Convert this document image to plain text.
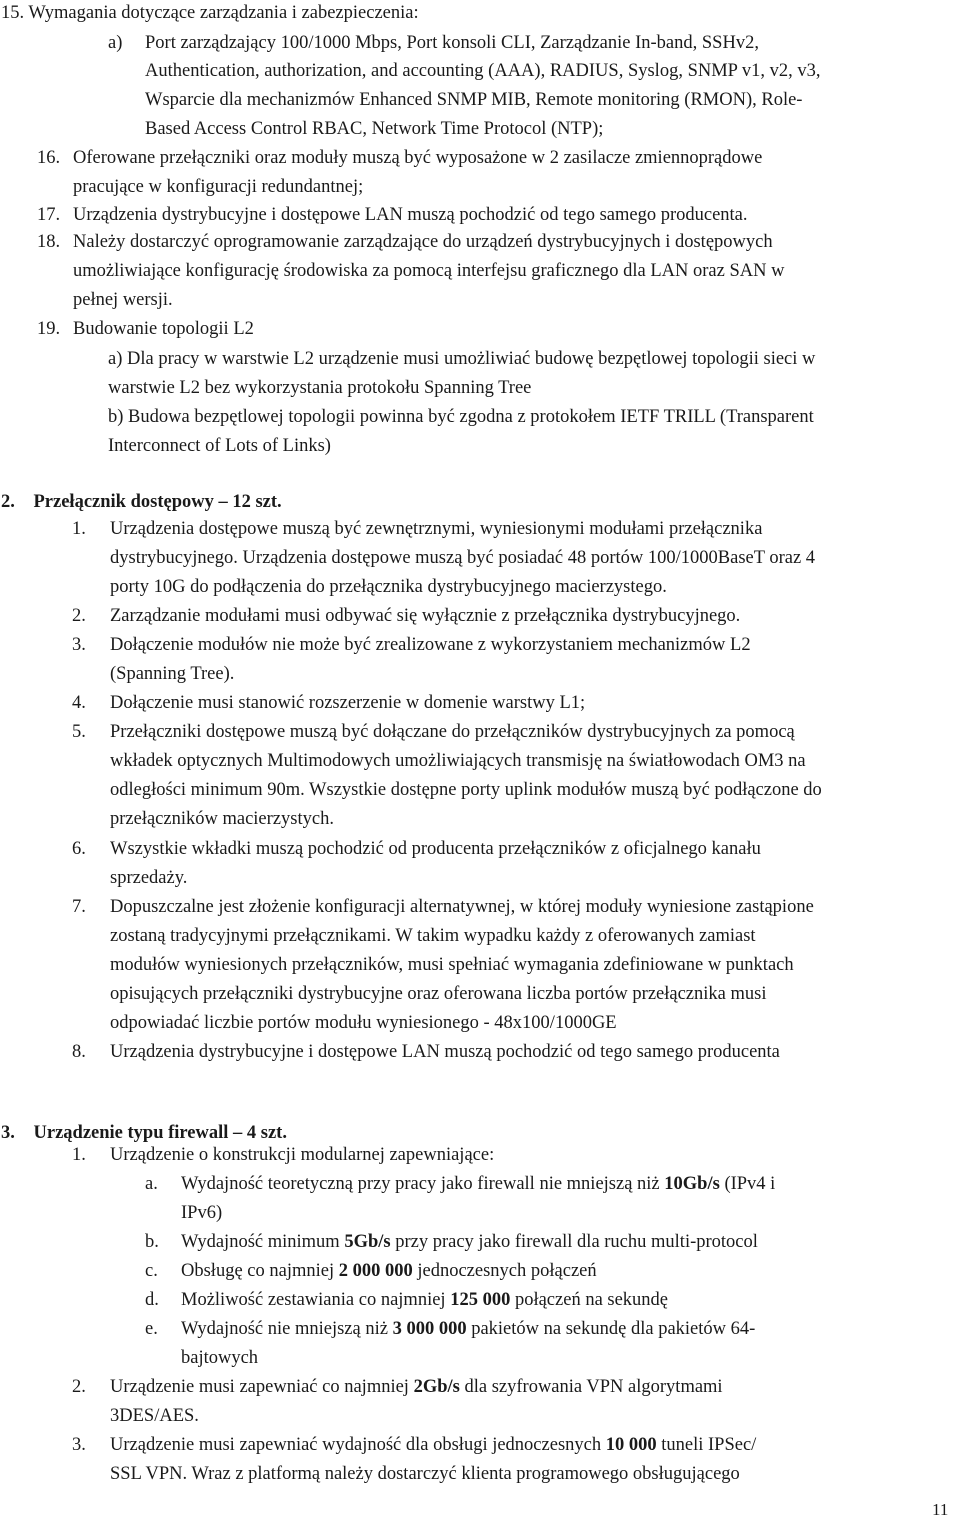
15. Wymagania dotyczące zarządzania i zabezpieczenia:
a) Port zarządzający 100/1000 Mbps, Port konsoli CLI, Zarządzanie In-band, SSHv2,
Authentication, authorization, and accounting (AAA), RADIUS, Syslog, SNMP v1, v2, v3,
Wsparcie dla mechanizmów Enhanced SNMP MIB, Remote monitoring (RMON), Role-
Based Access Control RBAC, Network Time Protocol (NTP);
16. Oferowane przełączniki oraz moduły muszą być wyposażone w 2 zasilacze zmiennoprądowe
pracujące w konfiguracji redundantnej;
17. Urządzenia dystrybucyjne i dostępowe LAN muszą pochodzić od tego samego producenta.
18. Należy dostarczyć oprogramowanie zarządzające do urządzeń dystrybucyjnych i dostępowych
umożliwiające konfigurację środowiska za pomocą interfejsu graficznego dla LAN oraz SAN w
pełnej wersji.
19. Budowanie topologii L2
a) Dla pracy w warstwie L2 urządzenie musi umożliwiać budowę bezpętlowej topologii sieci w
warstwie L2 bez wykorzystania protokołu Spanning Tree
b) Budowa bezpętlowej topologii powinna być zgodna z protokołem IETF TRILL (Transparent
Interconnect of Lots of Links)
2. Przełącznik dostępowy – 12 szt.
1. Urządzenia dostępowe muszą być zewnętrznymi, wyniesionymi modułami przełącznika
dystrybucyjnego. Urządzenia dostępowe muszą być posiadać 48 portów 100/1000BaseT oraz 4
porty 10G do podłączenia do przełącznika dystrybucyjnego macierzystego.
2. Zarządzanie modułami musi odbywać się wyłącznie z przełącznika dystrybucyjnego.
3. Dołączenie modułów nie może być zrealizowane z wykorzystaniem mechanizmów L2
(Spanning Tree).
4. Dołączenie musi stanowić rozszerzenie w domenie warstwy L1;
5. Przełączniki dostępowe muszą być dołączane do przełączników dystrybucyjnych za pomocą
wkładek optycznych Multimodowych umożliwiających transmisję na światłowodach OM3 na
odległości minimum 90m. Wszystkie dostępne porty uplink modułów muszą być podłączone do
przełączników macierzystych.
6. Wszystkie wkładki muszą pochodzić od producenta przełączników z oficjalnego kanału
sprzedaży.
7. Dopuszczalne jest złożenie konfiguracji alternatywnej, w której moduły wyniesione zastąpione
zostaną tradycyjnymi przełącznikami. W takim wypadku każdy z oferowanych zamiast
modułów wyniesionych przełączników, musi spełniać wymagania zdefiniowane w punktach
opisujących przełączniki dystrybucyjne oraz oferowana liczba portów przełącznika musi
odpowiadać liczbie portów modułu wyniesionego - 48x100/1000GE
8. Urządzenia dystrybucyjne i dostępowe LAN muszą pochodzić od tego samego producenta
3. Urządzenie typu firewall – 4 szt.
1. Urządzenie o konstrukcji modularnej zapewniające:
a. Wydajność teoretyczną przy pracy jako firewall nie mniejszą niż 10Gb/s (IPv4 i
IPv6)
b. Wydajność minimum 5Gb/s przy pracy jako firewall dla ruchu multi-protocol
c. Obsługę co najmniej 2 000 000 jednoczesnych połączeń
d. Możliwość zestawiania co najmniej 125 000 połączeń na sekundę
e. Wydajność nie mniejszą niż 3 000 000 pakietów na sekundę dla pakietów 64-
bajtowych
2. Urządzenie musi zapewniać co najmniej 2Gb/s dla szyfrowania VPN algorytmami
3DES/AES.
3. Urządzenie musi zapewniać wydajność dla obsługi jednoczesnych 10 000 tuneli IPSec/
SSL VPN. Wraz z platformą należy dostarczyć klienta programowego obsługującego
11
